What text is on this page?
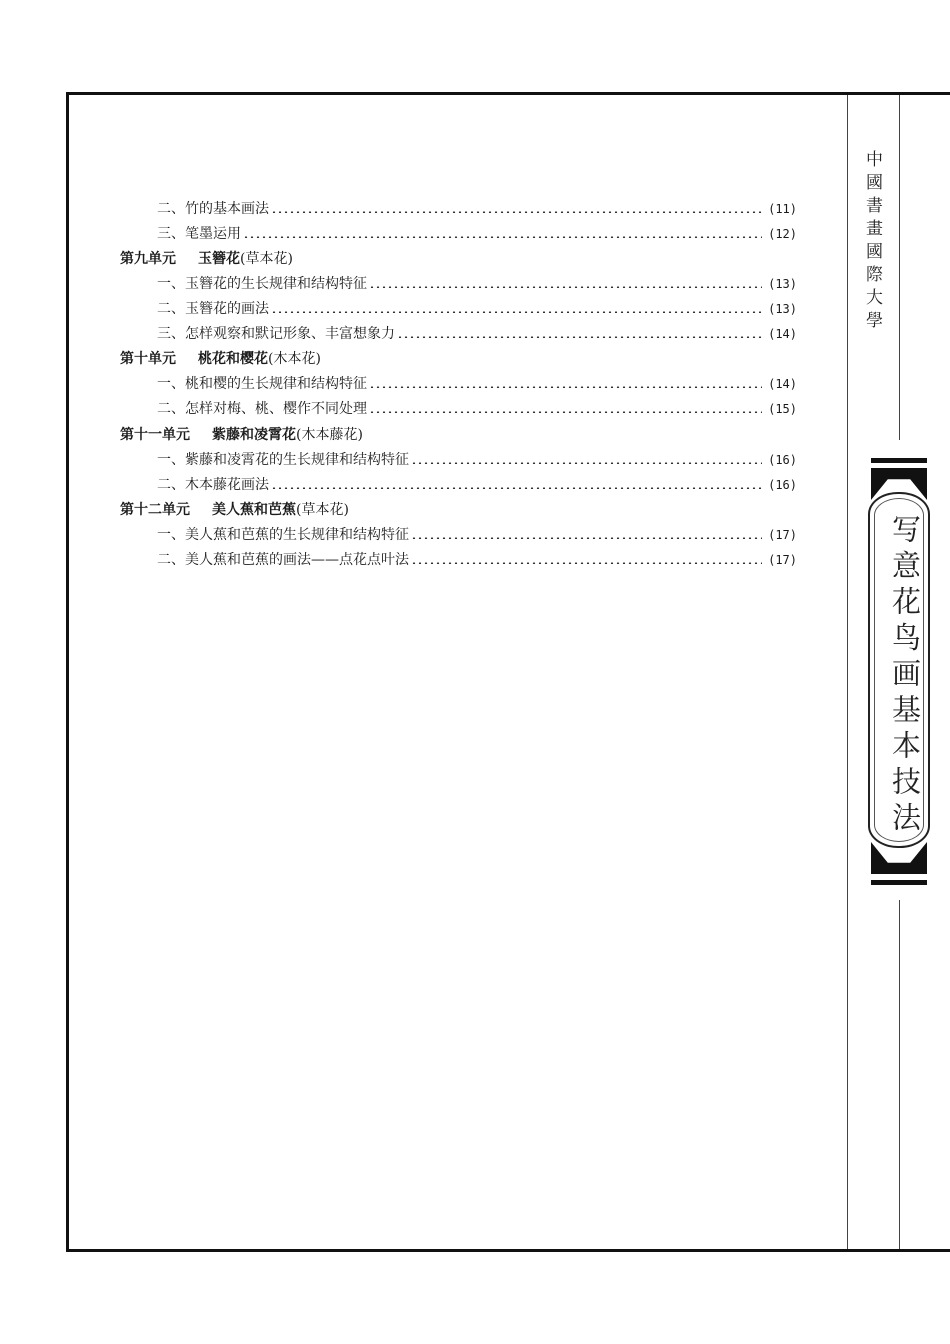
中國書畫國際大學
写意花鸟画基本技法
二、竹的基本画法	(11)
三、笔墨运用	(12)
第九单元 玉簪花 (草本花)
一、玉簪花的生长规律和结构特征	(13)
二、玉簪花的画法	(13)
三、怎样观察和默记形象、丰富想象力	(14)
第十单元 桃花和樱花 (木本花)
一、桃和樱的生长规律和结构特征	(14)
二、怎样对梅、桃、樱作不同处理	(15)
第十一单元 紫藤和凌霄花 (木本藤花)
一、紫藤和凌霄花的生长规律和结构特征	(16)
二、木本藤花画法	(16)
第十二单元 美人蕉和芭蕉 (草本花)
一、美人蕉和芭蕉的生长规律和结构特征	(17)
二、美人蕉和芭蕉的画法——点花点叶法	(17)
